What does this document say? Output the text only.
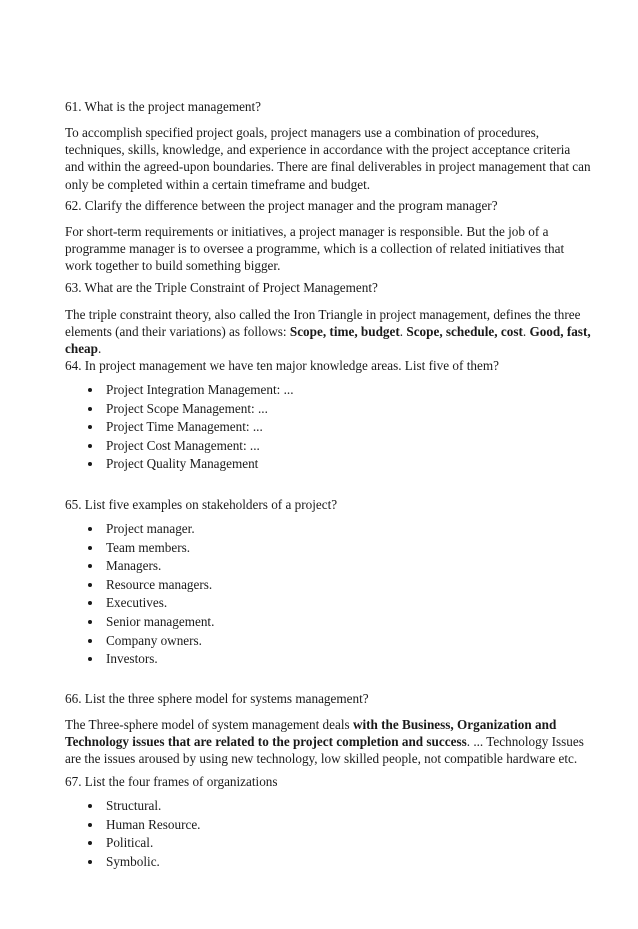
61. What is the project management?
To accomplish specified project goals, project managers use a combination of procedures,
techniques, skills, knowledge, and experience in accordance with the project acceptance criteria
and within the agreed-upon boundaries. There are final deliverables in project management that can
only be completed within a certain timeframe and budget.
62. Clarify the difference between the project manager and the program manager?
For short-term requirements or initiatives, a project manager is responsible. But the job of a
programme manager is to oversee a programme, which is a collection of related initiatives that
work together to build something bigger.
63. What are the Triple Constraint of Project Management?
The triple constraint theory, also called the Iron Triangle in project management, defines the three
elements (and their variations) as follows: Scope, time, budget. Scope, schedule, cost. Good, fast,
cheap.
64. In project management we have ten major knowledge areas. List five of them?
Project Integration Management: ...
Project Scope Management: ...
Project Time Management: ...
Project Cost Management: ...
Project Quality Management
65. List five examples on stakeholders of a project?
Project manager.
Team members.
Managers.
Resource managers.
Executives.
Senior management.
Company owners.
Investors.
66. List the three sphere model for systems management?
The Three-sphere model of system management deals with the Business, Organization and
Technology issues that are related to the project completion and success. ... Technology Issues
are the issues aroused by using new technology, low skilled people, not compatible hardware etc.
67. List the four frames of organizations
Structural.
Human Resource.
Political.
Symbolic.
